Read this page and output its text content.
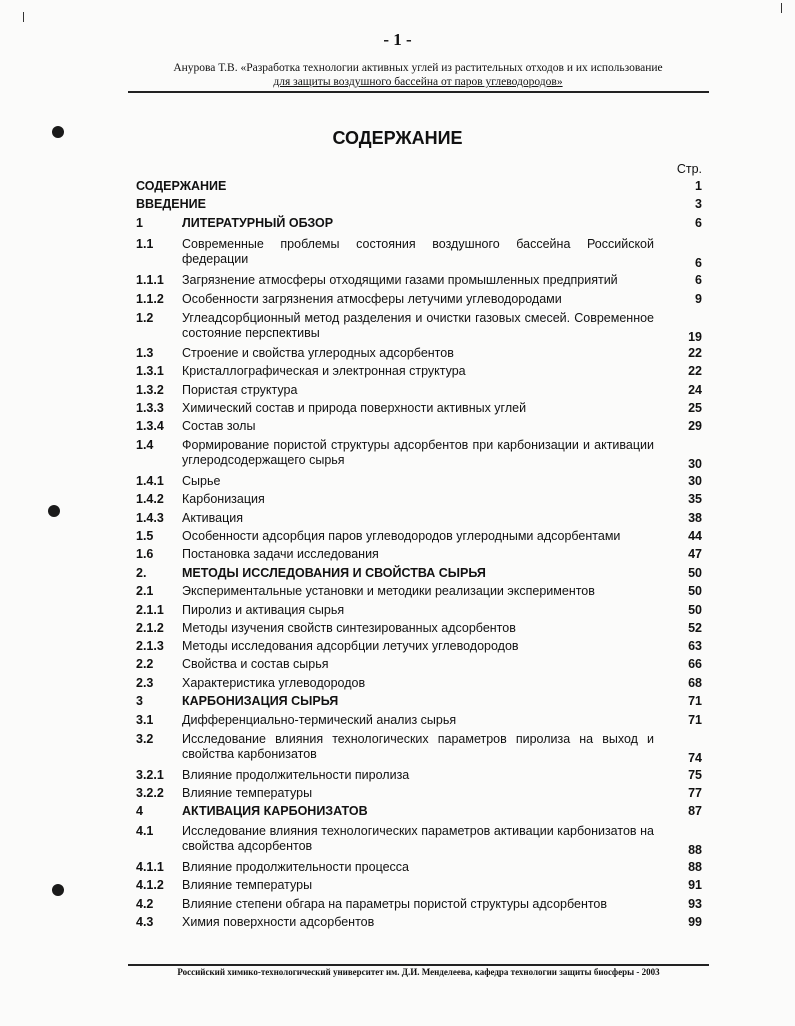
- 1 -
Анурова Т.В. «Разработка технологии активных углей из растительных отходов и их использование
для защиты воздушного бассейна от паров углеводородов»
СОДЕРЖАНИЕ
Стр.
СОДЕРЖАНИЕ	1
ВВЕДЕНИЕ	3
1	ЛИТЕРАТУРНЫЙ ОБЗОР	6
1.1 Современные проблемы состояния воздушного бассейна Российской федерации	6
1.1.1 Загрязнение атмосферы отходящими газами промышленных предприятий	6
1.1.2 Особенности загрязнения атмосферы летучими углеводородами	9
1.2 Углеадсорбционный метод разделения и очистки газовых смесей. Современное состояние перспективы	19
1.3 Строение и свойства углеродных адсорбентов	22
1.3.1 Кристаллографическая и электронная структура	22
1.3.2 Пористая структура	24
1.3.3 Химический состав и природа поверхности активных углей	25
1.3.4 Состав золы	29
1.4 Формирование пористой структуры адсорбентов при карбонизации и активации углеродсодержащего сырья	30
1.4.1 Сырье	30
1.4.2 Карбонизация	35
1.4.3 Активация	38
1.5 Особенности адсорбция паров углеводородов углеродными адсорбентами	44
1.6 Постановка задачи исследования	47
2.	МЕТОДЫ ИССЛЕДОВАНИЯ И СВОЙСТВА СЫРЬЯ	50
2.1 Экспериментальные установки и методики реализации экспериментов	50
2.1.1 Пиролиз и активация сырья	50
2.1.2 Методы изучения свойств синтезированных адсорбентов	52
2.1.3 Методы исследования адсорбции летучих углеводородов	63
2.2 Свойства и состав сырья	66
2.3 Характеристика углеводородов	68
3	КАРБОНИЗАЦИЯ СЫРЬЯ	71
3.1 Дифференциально-термический анализ сырья	71
3.2 Исследование влияния технологических параметров пиролиза на выход и свойства карбонизатов	74
3.2.1 Влияние продолжительности пиролиза	75
3.2.2 Влияние температуры	77
4	АКТИВАЦИЯ КАРБОНИЗАТОВ	87
4.1 Исследование влияния технологических параметров активации карбонизатов на свойства адсорбентов	88
4.1.1 Влияние продолжительности процесса	88
4.1.2 Влияние температуры	91
4.2 Влияние степени обгара на параметры пористой структуры адсорбентов	93
4.3 Химия поверхности адсорбентов	99
Российский химико-технологический университет им. Д.И. Менделеева, кафедра технологии защиты биосферы - 2003
